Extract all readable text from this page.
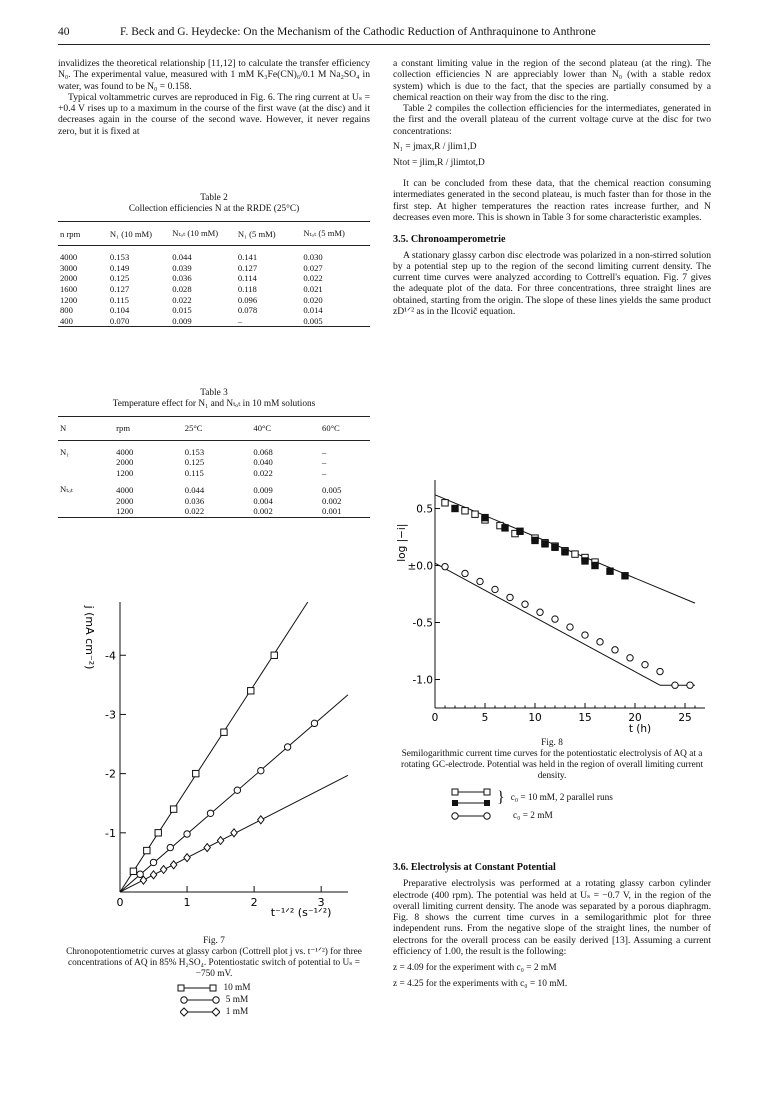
40	F. Beck and G. Heydecke: On the Mechanism of the Cathodic Reduction of Anthraquinone to Anthrone

invalidizes the theoretical relationship [11,12] to calculate the transfer efficiency N₀. The experimental value, measured with 1 mM K₃Fe(CN)₆/0.1 M Na₂SO₄ in water, was found to be N₀ = 0.158.

Typical voltammetric curves are reproduced in Fig. 6. The ring current at Uₛ = +0.4 V rises up to a maximum in the course of the first wave (at the disc) and it decreases again in the course of the second wave. However, it never regains zero, but it is fixed at

Table 2
Collection efficiencies N at the RRDE (25°C)
n rpm	N₁ (10 mM)	Nₜₒₜ (10 mM)	N₁ (5 mM)	Nₜₒₜ (5 mM)
4000	0.153	0.044	0.141	0.030
3000	0.149	0.039	0.127	0.027
2000	0.125	0.036	0.114	0.022
1600	0.127	0.028	0.118	0.021
1200	0.115	0.022	0.096	0.020
800	0.104	0.015	0.078	0.014
400	0.070	0.009	–	0.005

Table 3
Temperature effect for N₁ and Nₜₒₜ in 10 mM solutions
N	rpm	25°C	40°C	60°C
N₁	4000	0.153	0.068	–
	2000	0.125	0.040	–
	1200	0.115	0.022	–
Nₜₒₜ	4000	0.044	0.009	0.005
	2000	0.036	0.004	0.002
	1200	0.022	0.002	0.001

0	1	2	3
-1
-2
-3
-4
j (mA cm⁻²)
t⁻¹ᐟ² (s⁻¹ᐟ²)
Fig. 7
Chronopotentiometric curves at glassy carbon (Cottrell plot j vs. t⁻¹ᐟ²) for three concentrations of AQ in 85% H₂SO₄. Potentiostatic switch of potential to Uₛ = −750 mV.
10 mM
5 mM
1 mM

a constant limiting value in the region of the second plateau (at the ring). The collection efficiencies N are appreciably lower than N₀ (with a stable redox system) which is due to the fact, that the species are partially consumed by a chemical reaction on their way from the disc to the ring.

Table 2 compiles the collection efficiencies for the intermediates, generated in the first and the overall plateau of the current voltage curve at the disc for two concentrations:

N₁ = jmax,R / jlim1,D
Ntot = jlim,R / jlimtot,D

It can be concluded from these data, that the chemical reaction consuming intermediates generated in the second plateau, is much faster than for those in the first step. At higher temperatures the reaction rates increase further, and N decreases even more. This is shown in Table 3 for some characteristic examples.

3.5. Chronoamperometrie

A stationary glassy carbon disc electrode was polarized in a non-stirred solution by a potential step up to the region of the second limiting current density. The current time curves were analyzed according to Cottrell's equation. Fig. 7 gives the adequate plot of the data. For three concentrations, three straight lines are obtained, starting from the origin. The slope of these lines yields the same product zD¹ᐟ² as in the Ilcovič equation.

0	5	10	15	20	25
0.5
±0.0
-0.5
-1.0
log |−i|
t (h)
Fig. 8
Semilogarithmic current time curves for the potentiostatic electrolysis of AQ at a rotating GC-electrode. Potential was held in the region of overall limiting current density.
} c₀ = 10 mM, 2 parallel runs
c₀ = 2 mM
3.6. Electrolysis at Constant Potential

Preparative electrolysis was performed at a rotating glassy carbon cylinder electrode (400 rpm). The potential was held at Uₛ = −0.7 V, in the region of the overall limiting current density. The anode was separated by a porous diaphragm. Fig. 8 shows the current time curves in a semilogarithmic plot for three independent runs. From the negative slope of the straight lines, the number of electrons for the overall process can be easily derived [13]. Assuming a current efficiency of 1.00, the result is the following:

z = 4.09 for the experiment with c₀ = 2 mM
z = 4.25 for the experiments with c₀ = 10 mM.
